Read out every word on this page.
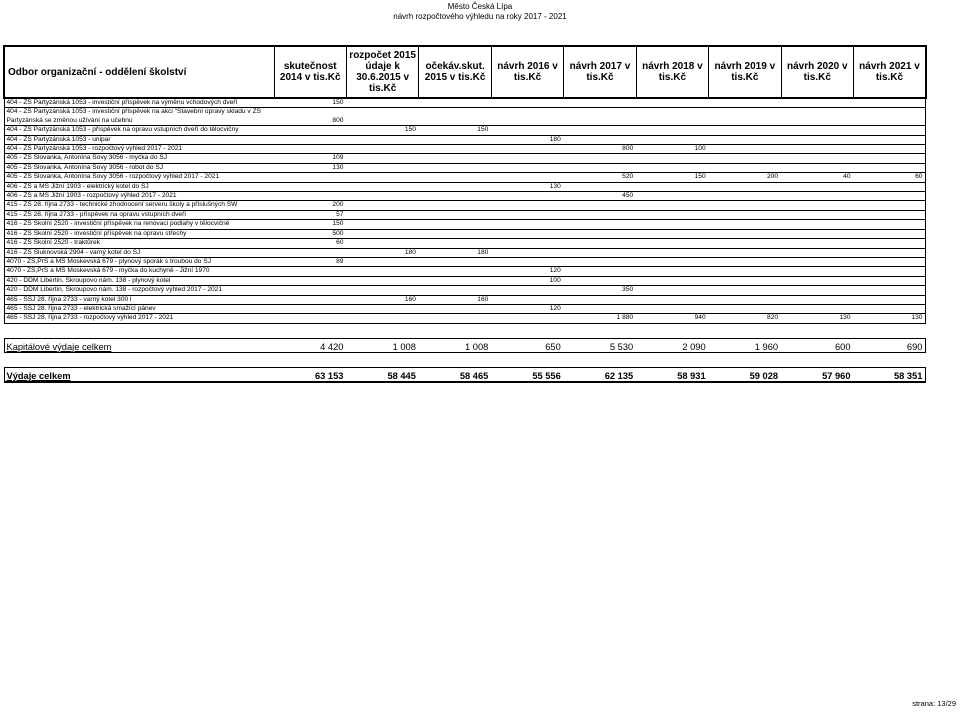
Město Česká Lípa
návrh rozpočtového výhledu na roky 2017 - 2021
Odbor organizační - oddělení školství	skutečnost 2014 v tis.Kč	rozpočet 2015 údaje k 30.6.2015 v tis.Kč	očekáv.skut. 2015 v tis.Kč	návrh 2016 v tis.Kč	návrh 2017 v tis.Kč	návrh 2018 v tis.Kč	návrh 2019 v tis.Kč	návrh 2020 v tis.Kč	návrh 2021 v tis.Kč
404 - ZŠ Partyzánská 1053 - investiční příspěvek na výměnu vchodových dveří	150								
404 - ZŠ Partyzánská 1053 - investiční příspěvek na akci "Stavební úpravy skladu v ZŠ Partyzánská se změnou užívání na učebnu	800								
404 - ZŠ Partyzánská 1053 - příspěvek na opravu vstupních dveří do tělocvičny		150	150						
404 - ZŠ Partyzánská 1053 - unipar				180					
404 - ZŠ Partyzánská 1053 - rozpočtový výhled 2017 - 2021					800	100			
405 - ZŠ Slovanka, Antonína Sovy 3056 - myčka do ŠJ	109								
405 - ZŠ Slovanka, Antonína Sovy 3056 - robot do ŠJ	130								
405 - ZŠ Slovanka, Antonína Sovy 3056 - rozpočtový výhled 2017 - 2021					520	150	200	40	60
406 - ZŠ a MŠ Jižní 1903 - elektrický kotel do ŠJ				130					
406 - ZŠ a MŠ Jižní 1903 - rozpočtový výhled 2017 - 2021					450				
415 - ZŠ 28. října 2733 - technické zhodnocení serveru školy a příslušných SW	200								
415 - ZŠ 28. října 2733 - příspěvek na opravu vstupních dveří	57								
416 - ZŠ Školní 2520 - investiční příspěvek na renovaci podlahy v tělocvičně	150								
416 - ZŠ Školní 2520 - investiční příspěvek na opravu střechy	500								
416 - ZŠ Školní 2520 - traktůrek	60								
416 - ZŠ Šluknovská 2904 - varný kotel do ŠJ		180	180						
4070 - ZŠ,PrŠ a MŠ Moskevská 679 - plynový sporák s troubou do ŠJ	89								
4070 - ZŠ,PrŠ a MŠ Moskevská 679 - myčka do kuchyně - Jižní 1970				120					
420 - DDM Libertin, Škroupovo nám. 138 - plynový kotel				100					
420 - DDM Libertin, Škroupovo nám. 138 - rozpočtový výhled 2017 - 2021					350				
465 - SŠJ 28. října 2733 - varný kotel 300 l		160	160						
465 - SŠJ 28. října 2733 - elektrická smažící pánev				120					
465 - SŠJ 28. října 2733 - rozpočtový výhled 2017 - 2021					1 880	940	820	130	130

Kapitálové výdaje celkem	4 420	1 008	1 008	650	5 530	2 090	1 960	600	690

Výdaje celkem	63 153	58 445	58 465	55 556	62 135	58 931	59 028	57 960	58 351
strana: 13/29
